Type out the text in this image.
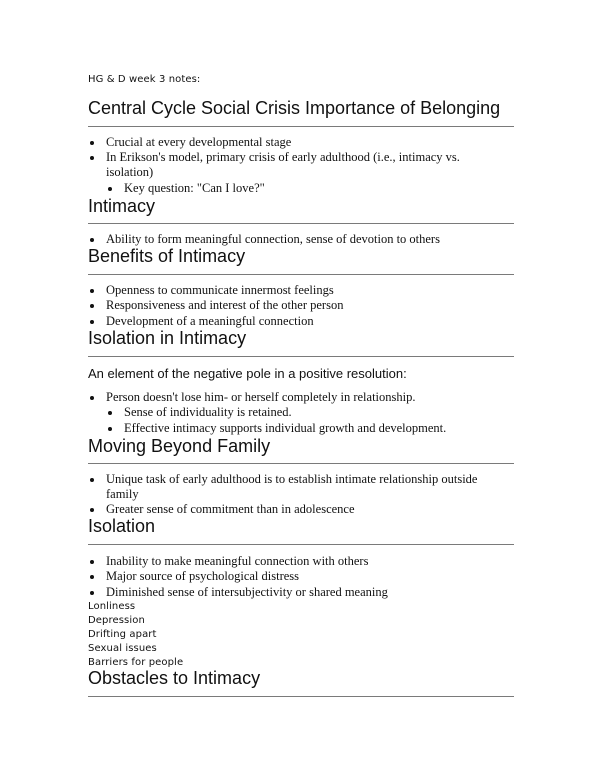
HG & D week 3 notes:
Central Cycle Social Crisis Importance of Belonging
Crucial at every developmental stage
In Erikson's model, primary crisis of early adulthood (i.e., intimacy vs.
isolation)
Key question: "Can I love?"
Intimacy
Ability to form meaningful connection, sense of devotion to others
Benefits of Intimacy
Openness to communicate innermost feelings
Responsiveness and interest of the other person
Development of a meaningful connection
Isolation in Intimacy
An element of the negative pole in a positive resolution:
Person doesn't lose him- or herself completely in relationship.
Sense of individuality is retained.
Effective intimacy supports individual growth and development.
Moving Beyond Family
Unique task of early adulthood is to establish intimate relationship outside
family
Greater sense of commitment than in adolescence
Isolation
Inability to make meaningful connection with others
Major source of psychological distress
Diminished sense of intersubjectivity or shared meaning
Lonliness
Depression
Drifting apart
Sexual issues
Barriers for people
Obstacles to Intimacy
